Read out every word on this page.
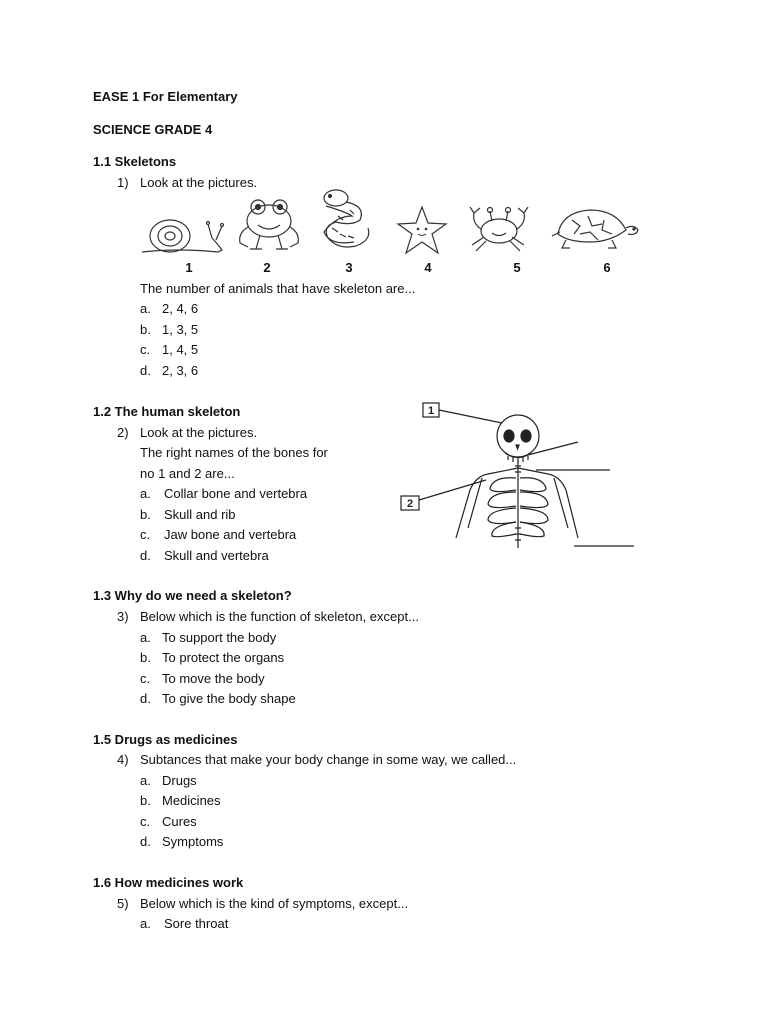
EASE 1 For Elementary
SCIENCE GRADE 4
1.1 Skeletons
1) Look at the pictures.
1	2	3	4	5	6
The number of animals that have skeleton are...
a. 2, 4, 6
b. 1, 3, 5
c. 1, 4, 5
d. 2, 3, 6
1.2 The human skeleton
2) Look at the pictures.
The right names of the bones for
no 1 and 2 are...
a. Collar bone and vertebra
b. Skull and rib
c. Jaw bone and vertebra
d. Skull and vertebra
1
2
1.3 Why do we need a skeleton?
3) Below which is the function of skeleton, except...
a. To support the body
b. To protect the organs
c. To move the body
d. To give the body shape
1.5 Drugs as medicines
4) Subtances that make your body change in some way, we called...
a. Drugs
b. Medicines
c. Cures
d. Symptoms
1.6 How medicines work
5) Below which is the kind of symptoms, except...
a. Sore throat
